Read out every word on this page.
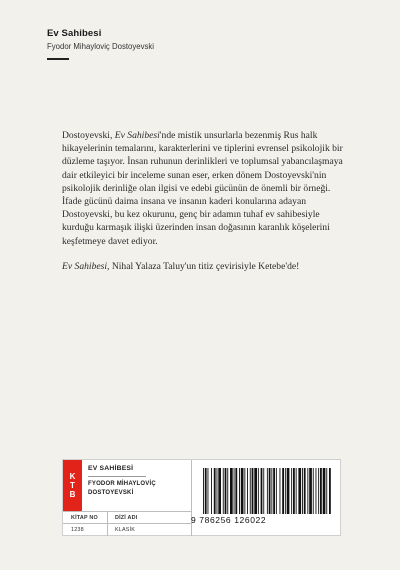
Ev Sahibesi
Fyodor Mihayloviç Dostoyevski

Dostoyevski, Ev Sahibesi'nde mistik unsurlarla bezenmiş Rus halk hikayelerinin temalarını, karakterlerini ve tiplerini evrensel psikolojik bir düzleme taşıyor. İnsan ruhunun derinlikleri ve toplumsal yabancılaşmaya dair etkileyici bir inceleme sunan eser, erken dönem Dostoyevski'nin psikolojik derinliğe olan ilgisi ve edebi gücünün de önemli bir örneği. İfade gücünü daima insana ve insanın kaderi konularına adayan Dostoyevski, bu kez okurunu, genç bir adamın tuhaf ev sahibesiyle kurduğu karmaşık ilişki üzerinden insan doğasının karanlık köşelerini keşfetmeye davet ediyor.

Ev Sahibesi, Nihal Yalaza Taluy'un titiz çevirisiyle Ketebe'de!

K
T
B
EV SAHİBESİ
FYODOR MİHAYLOVİÇ
DOSTOYEVSKİ
KİTAP NO	DİZİ ADI
1238	KLASİK
9 786256 126022
